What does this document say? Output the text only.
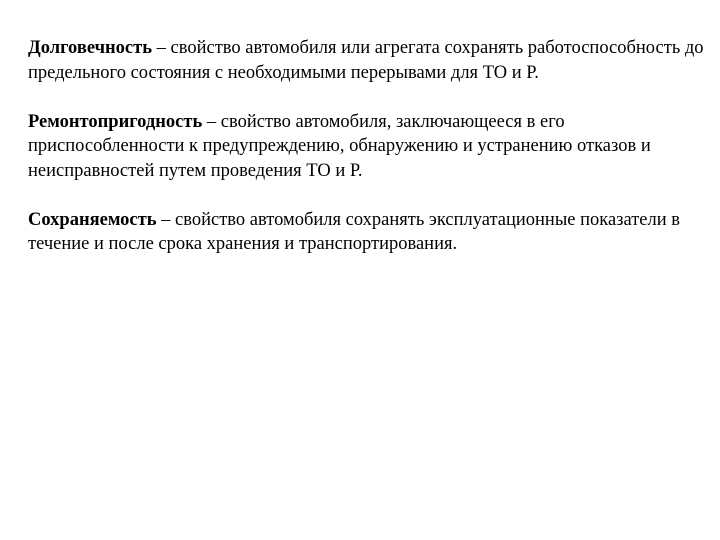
Долговечность – свойство автомобиля или агрегата сохранять работоспособность до предельного состояния с необходимыми перерывами для ТО и Р.

Ремонтопригодность – свойство автомобиля, заключающееся в его приспособленности к предупреждению, обнаружению и устранению отказов и неисправностей путем проведения ТО и Р.

Сохраняемость – свойство автомобиля сохранять эксплуатационные показатели в течение и после срока хранения и транспортирования.
